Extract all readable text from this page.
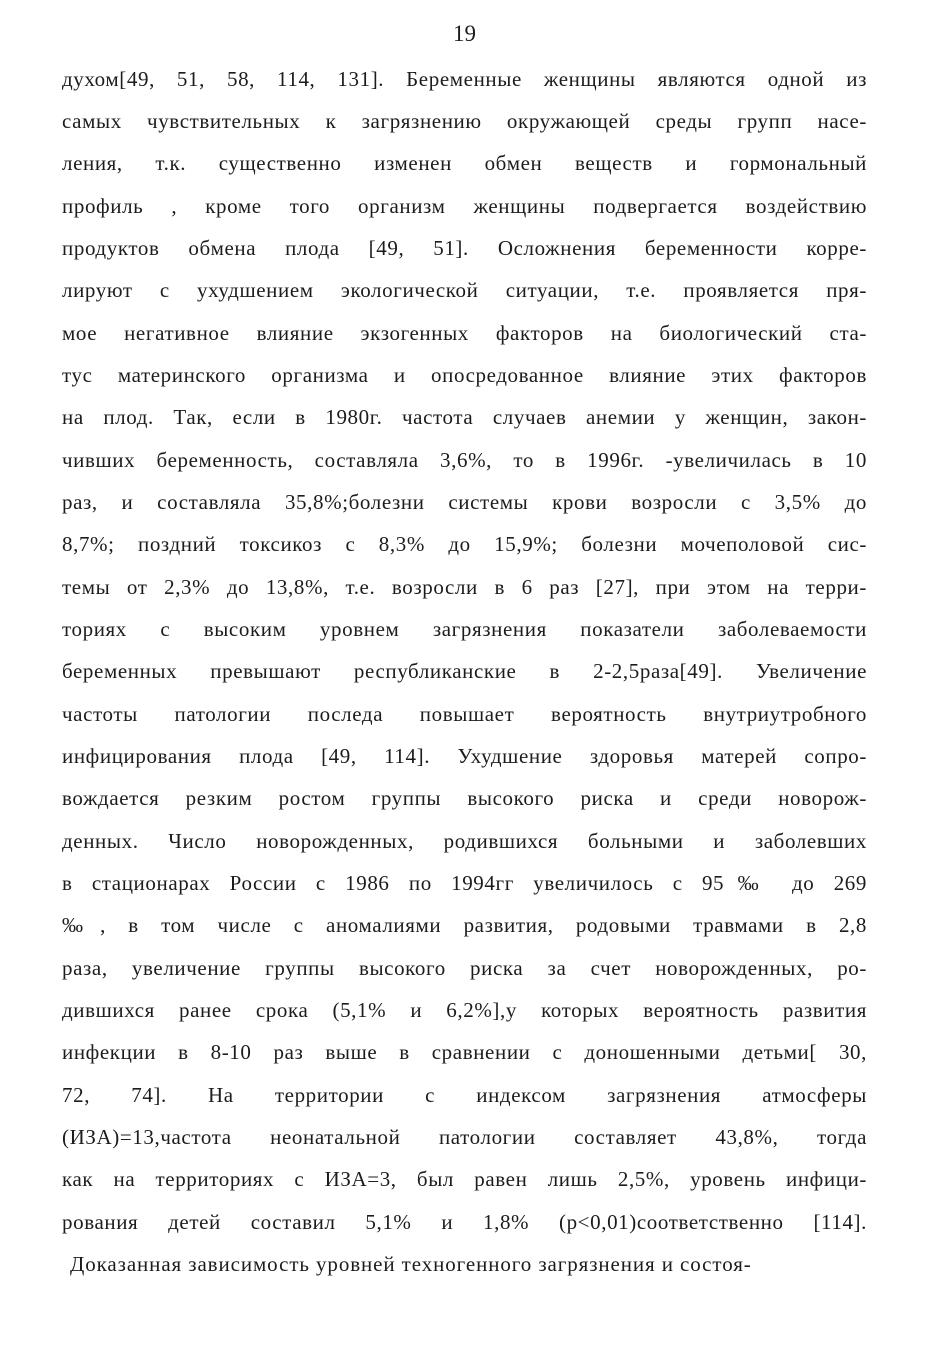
19
духом[49, 51, 58, 114, 131]. Беременные женщины являются одной из
самых чувствительных к загрязнению окружающей среды групп насе-
ления, т.к. существенно изменен обмен веществ и гормональный
профиль , кроме того организм женщины подвергается воздействию
продуктов обмена плода [49, 51]. Осложнения беременности корре-
лируют с ухудшением экологической ситуации, т.е. проявляется пря-
мое негативное влияние экзогенных факторов на биологический ста-
тус материнского организма и опосредованное влияние этих факторов
на плод. Так, если в 1980г. частота случаев анемии у женщин, закон-
чивших беременность, составляла 3,6%, то в 1996г. -увеличилась в 10
раз, и составляла 35,8%;болезни системы крови возросли с 3,5% до
8,7%; поздний токсикоз с 8,3% до 15,9%; болезни мочеполовой сис-
темы от 2,3% до 13,8%, т.е. возросли в 6 раз [27], при этом на терри-
ториях с высоким уровнем загрязнения показатели заболеваемости
беременных превышают республиканские в 2-2,5раза[49]. Увеличение
частоты патологии последа повышает вероятность внутриутробного
инфицирования плода [49, 114]. Ухудшение здоровья матерей сопро-
вождается резким ростом группы высокого риска и среди новорож-
денных. Число новорожденных, родившихся больными и заболевших
в стационарах России с 1986 по 1994гг увеличилось с 95‰ до 269
‰, в том числе с аномалиями развития, родовыми травмами в 2,8
раза, увеличение группы высокого риска за счет новорожденных, ро-
дившихся ранее срока (5,1% и 6,2%],у которых вероятность развития
инфекции в 8-10 раз выше в сравнении с доношенными детьми[ 30,
72, 74]. На территории с индексом загрязнения атмосферы
(ИЗА)=13,частота неонатальной патологии составляет 43,8%, тогда
как на территориях с ИЗА=3, был равен лишь 2,5%, уровень инфици-
рования детей составил 5,1% и 1,8% (р<0,01)соответственно [114].
Доказанная зависимость уровней техногенного загрязнения и состоя-
